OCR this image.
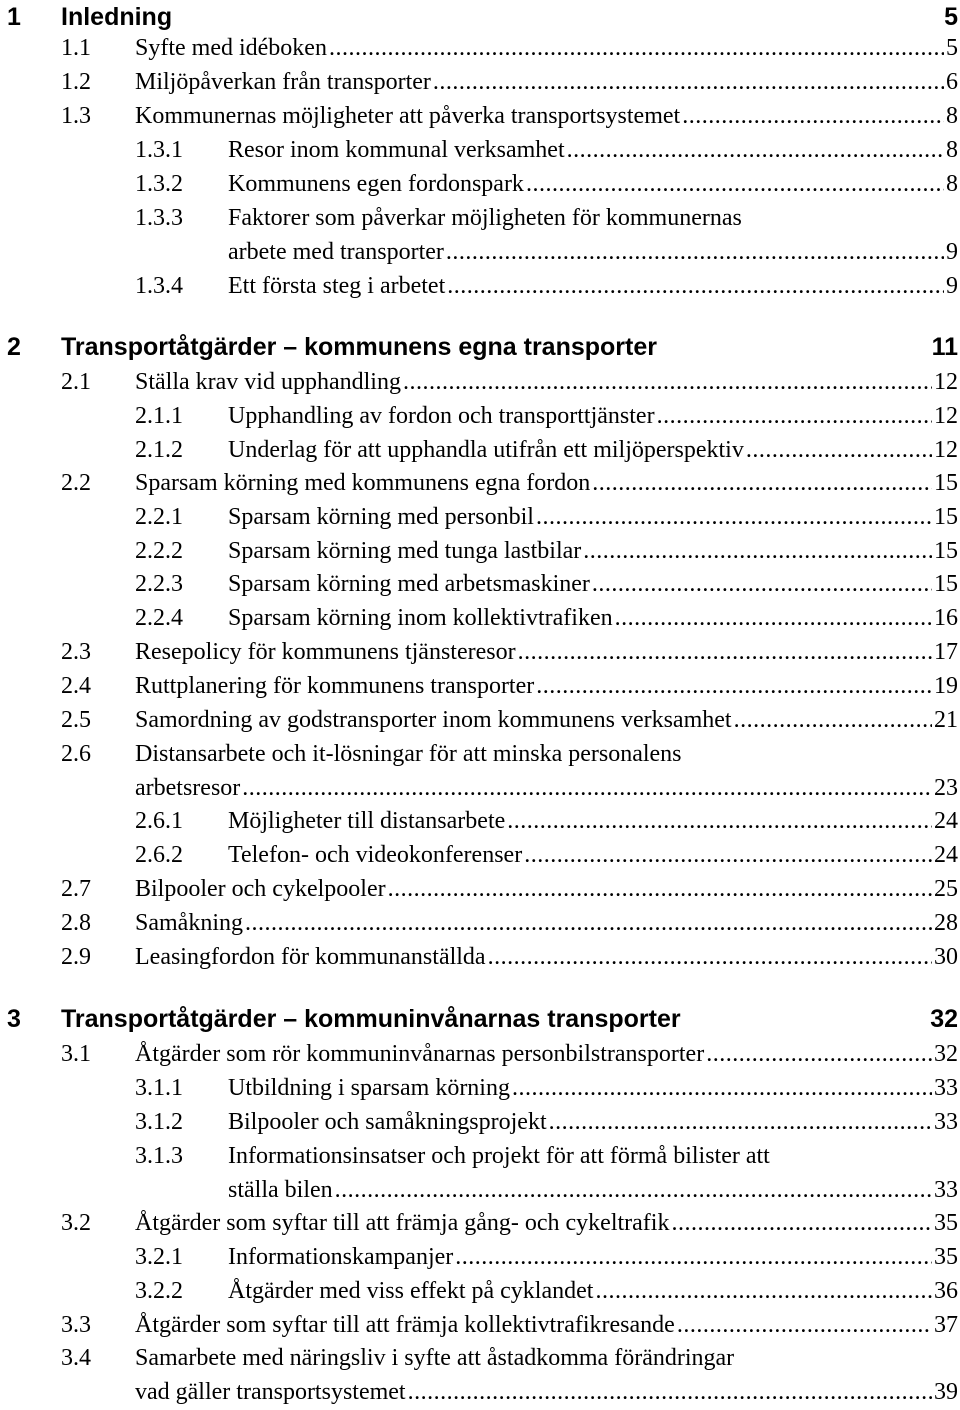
1 Inledning	5
1.1 Syfte med idéboken .....	5
1.2 Miljöpåverkan från transporter .....	6
1.3 Kommunernas möjligheter att påverka transportsystemet .....	8
1.3.1 Resor inom kommunal verksamhet .....	8
1.3.2 Kommunens egen fordonspark .....	8
1.3.3 Faktorer som påverkar möjligheten för kommunernas
arbete med transporter .....	9
1.3.4 Ett första steg i arbetet .....	9
2 Transportåtgärder – kommunens egna transporter	11
2.1 Ställa krav vid upphandling .....	12
2.1.1 Upphandling av fordon och transporttjänster .....	12
2.1.2 Underlag för att upphandla utifrån ett miljöperspektiv .....	12
2.2 Sparsam körning med kommunens egna fordon .....	15
2.2.1 Sparsam körning med personbil .....	15
2.2.2 Sparsam körning med tunga lastbilar .....	15
2.2.3 Sparsam körning med arbetsmaskiner .....	15
2.2.4 Sparsam körning inom kollektivtrafiken .....	16
2.3 Resepolicy för kommunens tjänsteresor .....	17
2.4 Ruttplanering för kommunens transporter .....	19
2.5 Samordning av godstransporter inom kommunens verksamhet .....	21
2.6 Distansarbete och it-lösningar för att minska personalens
arbetsresor .....	23
2.6.1 Möjligheter till distansarbete .....	24
2.6.2 Telefon- och videokonferenser .....	24
2.7 Bilpooler och cykelpooler .....	25
2.8 Samåkning .....	28
2.9 Leasingfordon för kommunanställda .....	30
3 Transportåtgärder – kommuninvånarnas transporter	32
3.1 Åtgärder som rör kommuninvånarnas personbilstransporter .....	32
3.1.1 Utbildning i sparsam körning .....	33
3.1.2 Bilpooler och samåkningsprojekt .....	33
3.1.3 Informationsinsatser och projekt för att förmå bilister att
ställa bilen .....	33
3.2 Åtgärder som syftar till att främja gång- och cykeltrafik .....	35
3.2.1 Informationskampanjer .....	35
3.2.2 Åtgärder med viss effekt på cyklandet .....	36
3.3 Åtgärder som syftar till att främja kollektivtrafikresande .....	37
3.4 Samarbete med näringsliv i syfte att åstadkomma förändringar
vad gäller transportsystemet .....	39
